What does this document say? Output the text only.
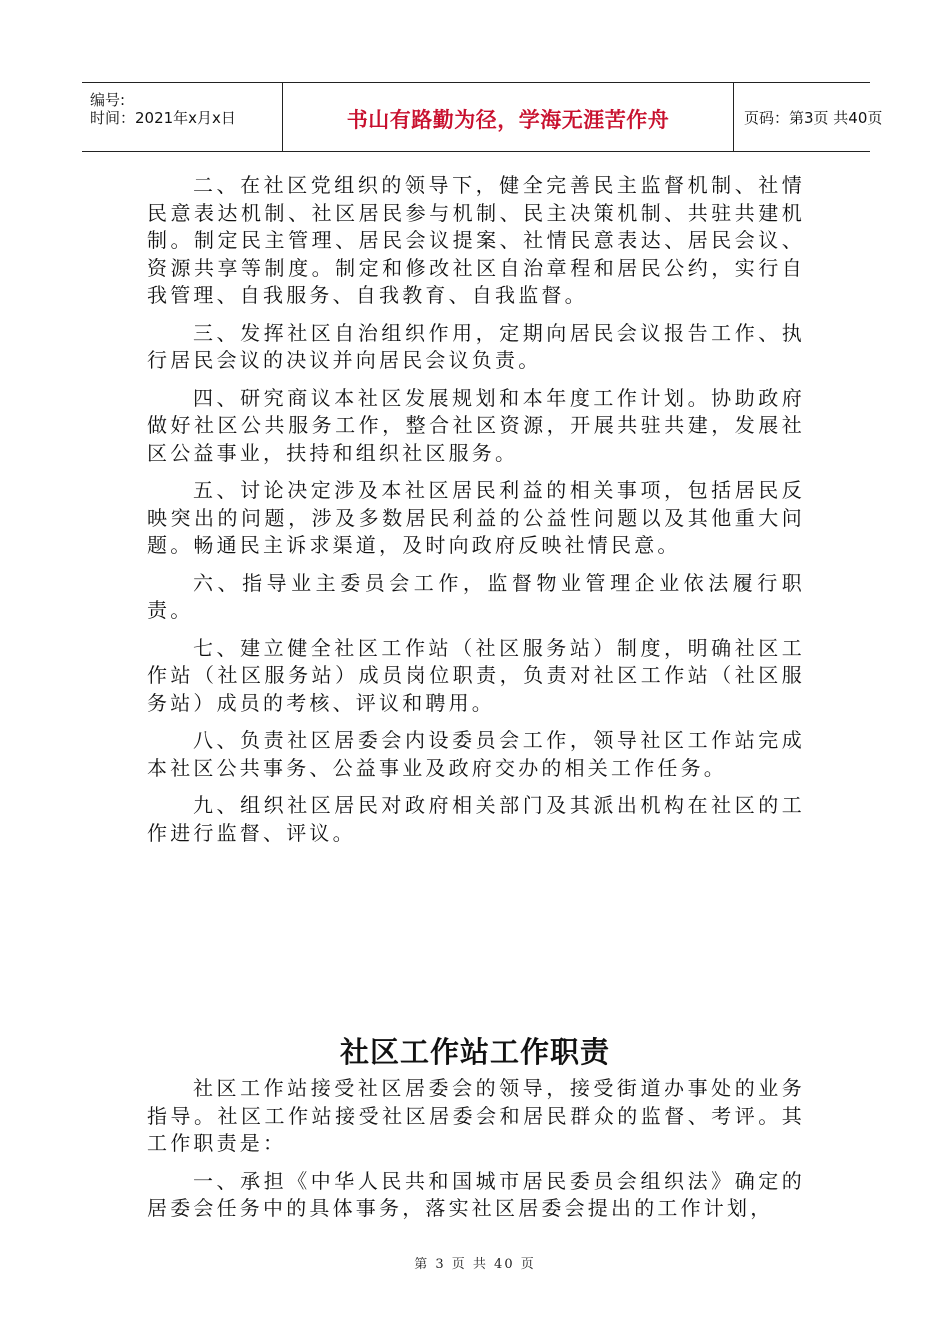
编号:
时间：2021年x月x日	书山有路勤为径，学海无涯苦作舟	页码：第3页 共40页

二、在社区党组织的领导下，健全完善民主监督机制、社情民意表达机制、社区居民参与机制、民主决策机制、共驻共建机制。制定民主管理、居民会议提案、社情民意表达、居民会议、资源共享等制度。制定和修改社区自治章程和居民公约，实行自我管理、自我服务、自我教育、自我监督。

三、发挥社区自治组织作用，定期向居民会议报告工作、执行居民会议的决议并向居民会议负责。

四、研究商议本社区发展规划和本年度工作计划。协助政府做好社区公共服务工作，整合社区资源，开展共驻共建，发展社区公益事业，扶持和组织社区服务。

五、讨论决定涉及本社区居民利益的相关事项，包括居民反映突出的问题，涉及多数居民利益的公益性问题以及其他重大问题。畅通民主诉求渠道，及时向政府反映社情民意。

六、指导业主委员会工作，监督物业管理企业依法履行职责。

七、建立健全社区工作站（社区服务站）制度，明确社区工作站（社区服务站）成员岗位职责，负责对社区工作站（社区服务站）成员的考核、评议和聘用。

八、负责社区居委会内设委员会工作，领导社区工作站完成本社区公共事务、公益事业及政府交办的相关工作任务。

九、组织社区居民对政府相关部门及其派出机构在社区的工作进行监督、评议。

社区工作站工作职责

社区工作站接受社区居委会的领导，接受街道办事处的业务指导。社区工作站接受社区居委会和居民群众的监督、考评。其工作职责是：

一、承担《中华人民共和国城市居民委员会组织法》确定的居委会任务中的具体事务，落实社区居委会提出的工作计划，

第 3 页 共 40 页
